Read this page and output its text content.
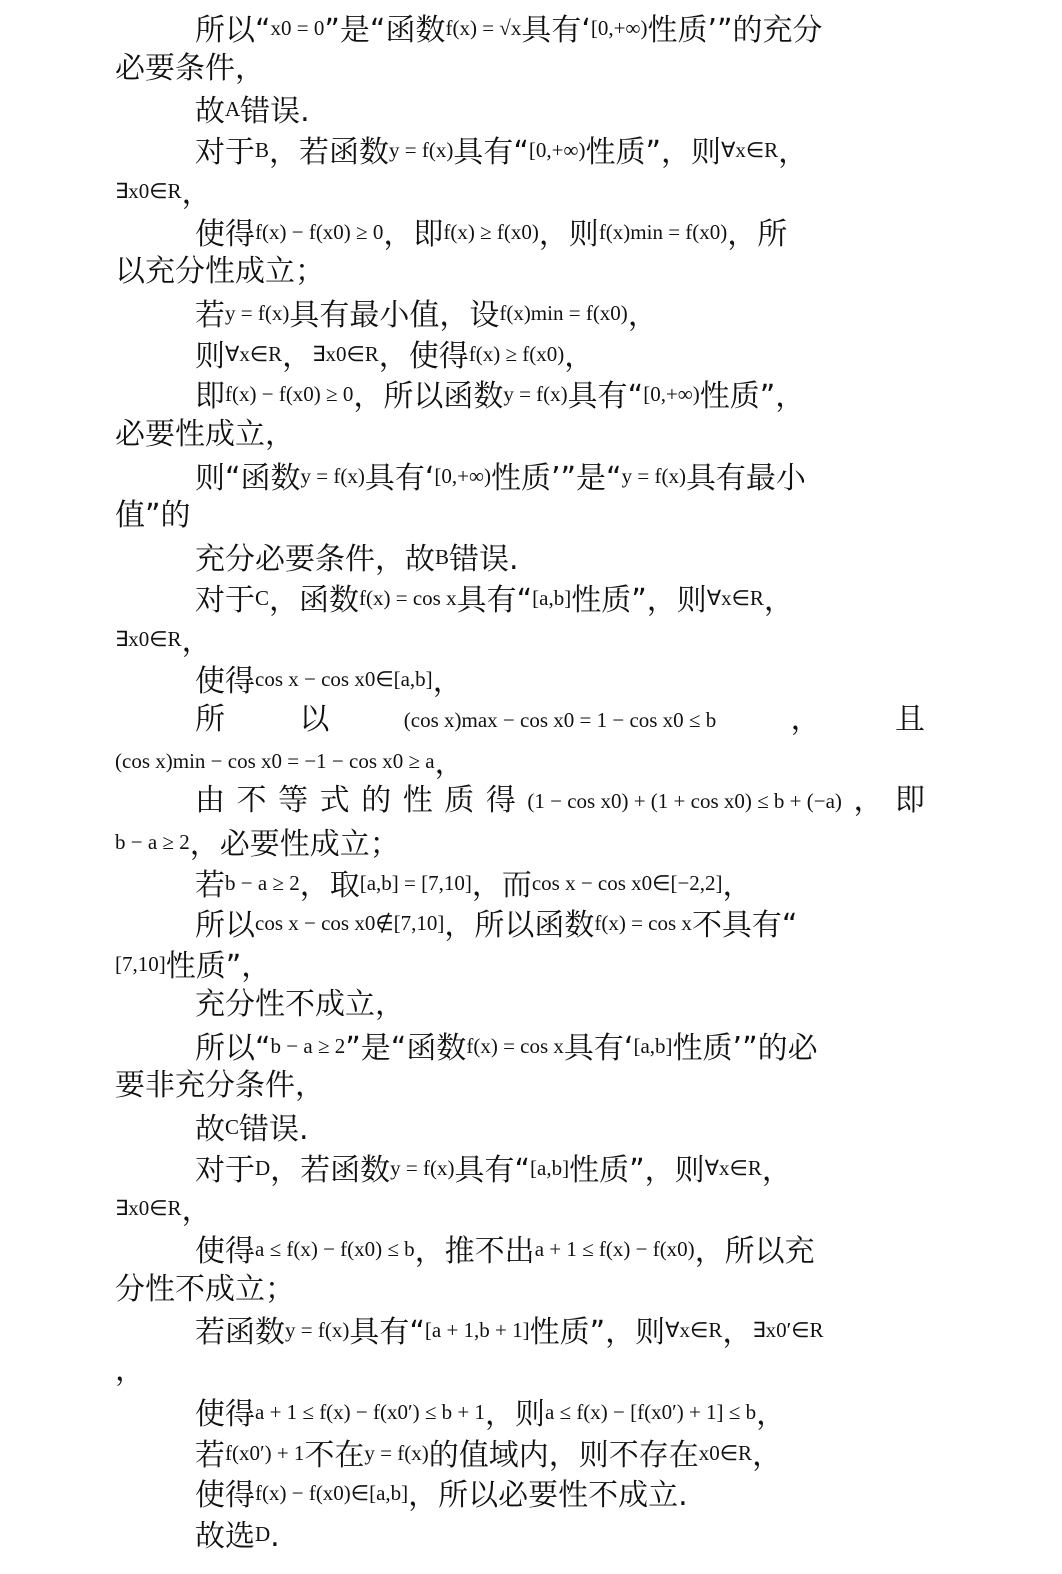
所以“x0 = 0”是“函数f(x) = √x具有‘[0,+∞)性质’”的充分
必要条件，
故A错误.
对于B，若函数y = f(x)具有“[0,+∞)性质”，则∀x∈R，
∃x0∈R，
使得f(x) − f(x0) ≥ 0，即f(x) ≥ f(x0)，则f(x)min = f(x0)，所
以充分性成立；
若y = f(x)具有最小值，设f(x)min = f(x0)，
则∀x∈R，∃x0∈R，使得f(x) ≥ f(x0)，
即f(x) − f(x0) ≥ 0，所以函数y = f(x)具有“[0,+∞)性质”，
必要性成立，
则“函数y = f(x)具有‘[0,+∞)性质’”是“y = f(x)具有最小
值”的
充分必要条件，故B错误.
对于C，函数f(x) = cos x具有“[a,b]性质”，则∀x∈R，
∃x0∈R，
使得cos x − cos x0∈[a,b]，
所 以	(cos x)max − cos x0 = 1 − cos x0 ≤ b ， 且
(cos x)min − cos x0 = −1 − cos x0 ≥ a，
由 不 等 式 的 性 质 得 (1 − cos x0) + (1 + cos x0) ≤ b + (−a) ， 即
b − a ≥ 2，必要性成立；
若b − a ≥ 2，取[a,b] = [7,10]，而cos x − cos x0∈[−2,2]，
所以cos x − cos x0∉[7,10]，所以函数f(x) = cos x不具有“
[7,10]性质”，
充分性不成立，
所以“b − a ≥ 2”是“函数f(x) = cos x具有‘[a,b]性质’”的必
要非充分条件，
故C错误.
对于D，若函数y = f(x)具有“[a,b]性质”，则∀x∈R，
∃x0∈R，
使得a ≤ f(x) − f(x0) ≤ b，推不出a + 1 ≤ f(x) − f(x0)，所以充
分性不成立；
若函数y = f(x)具有“[a + 1,b + 1]性质”，则∀x∈R，∃x0′∈R
，
使得a + 1 ≤ f(x) − f(x0′) ≤ b + 1，则a ≤ f(x) − [f(x0′) + 1] ≤ b，
若f(x0′) + 1不在y = f(x)的值域内，则不存在x0∈R，
使得f(x) − f(x0)∈[a,b]，所以必要性不成立.
故选D.
